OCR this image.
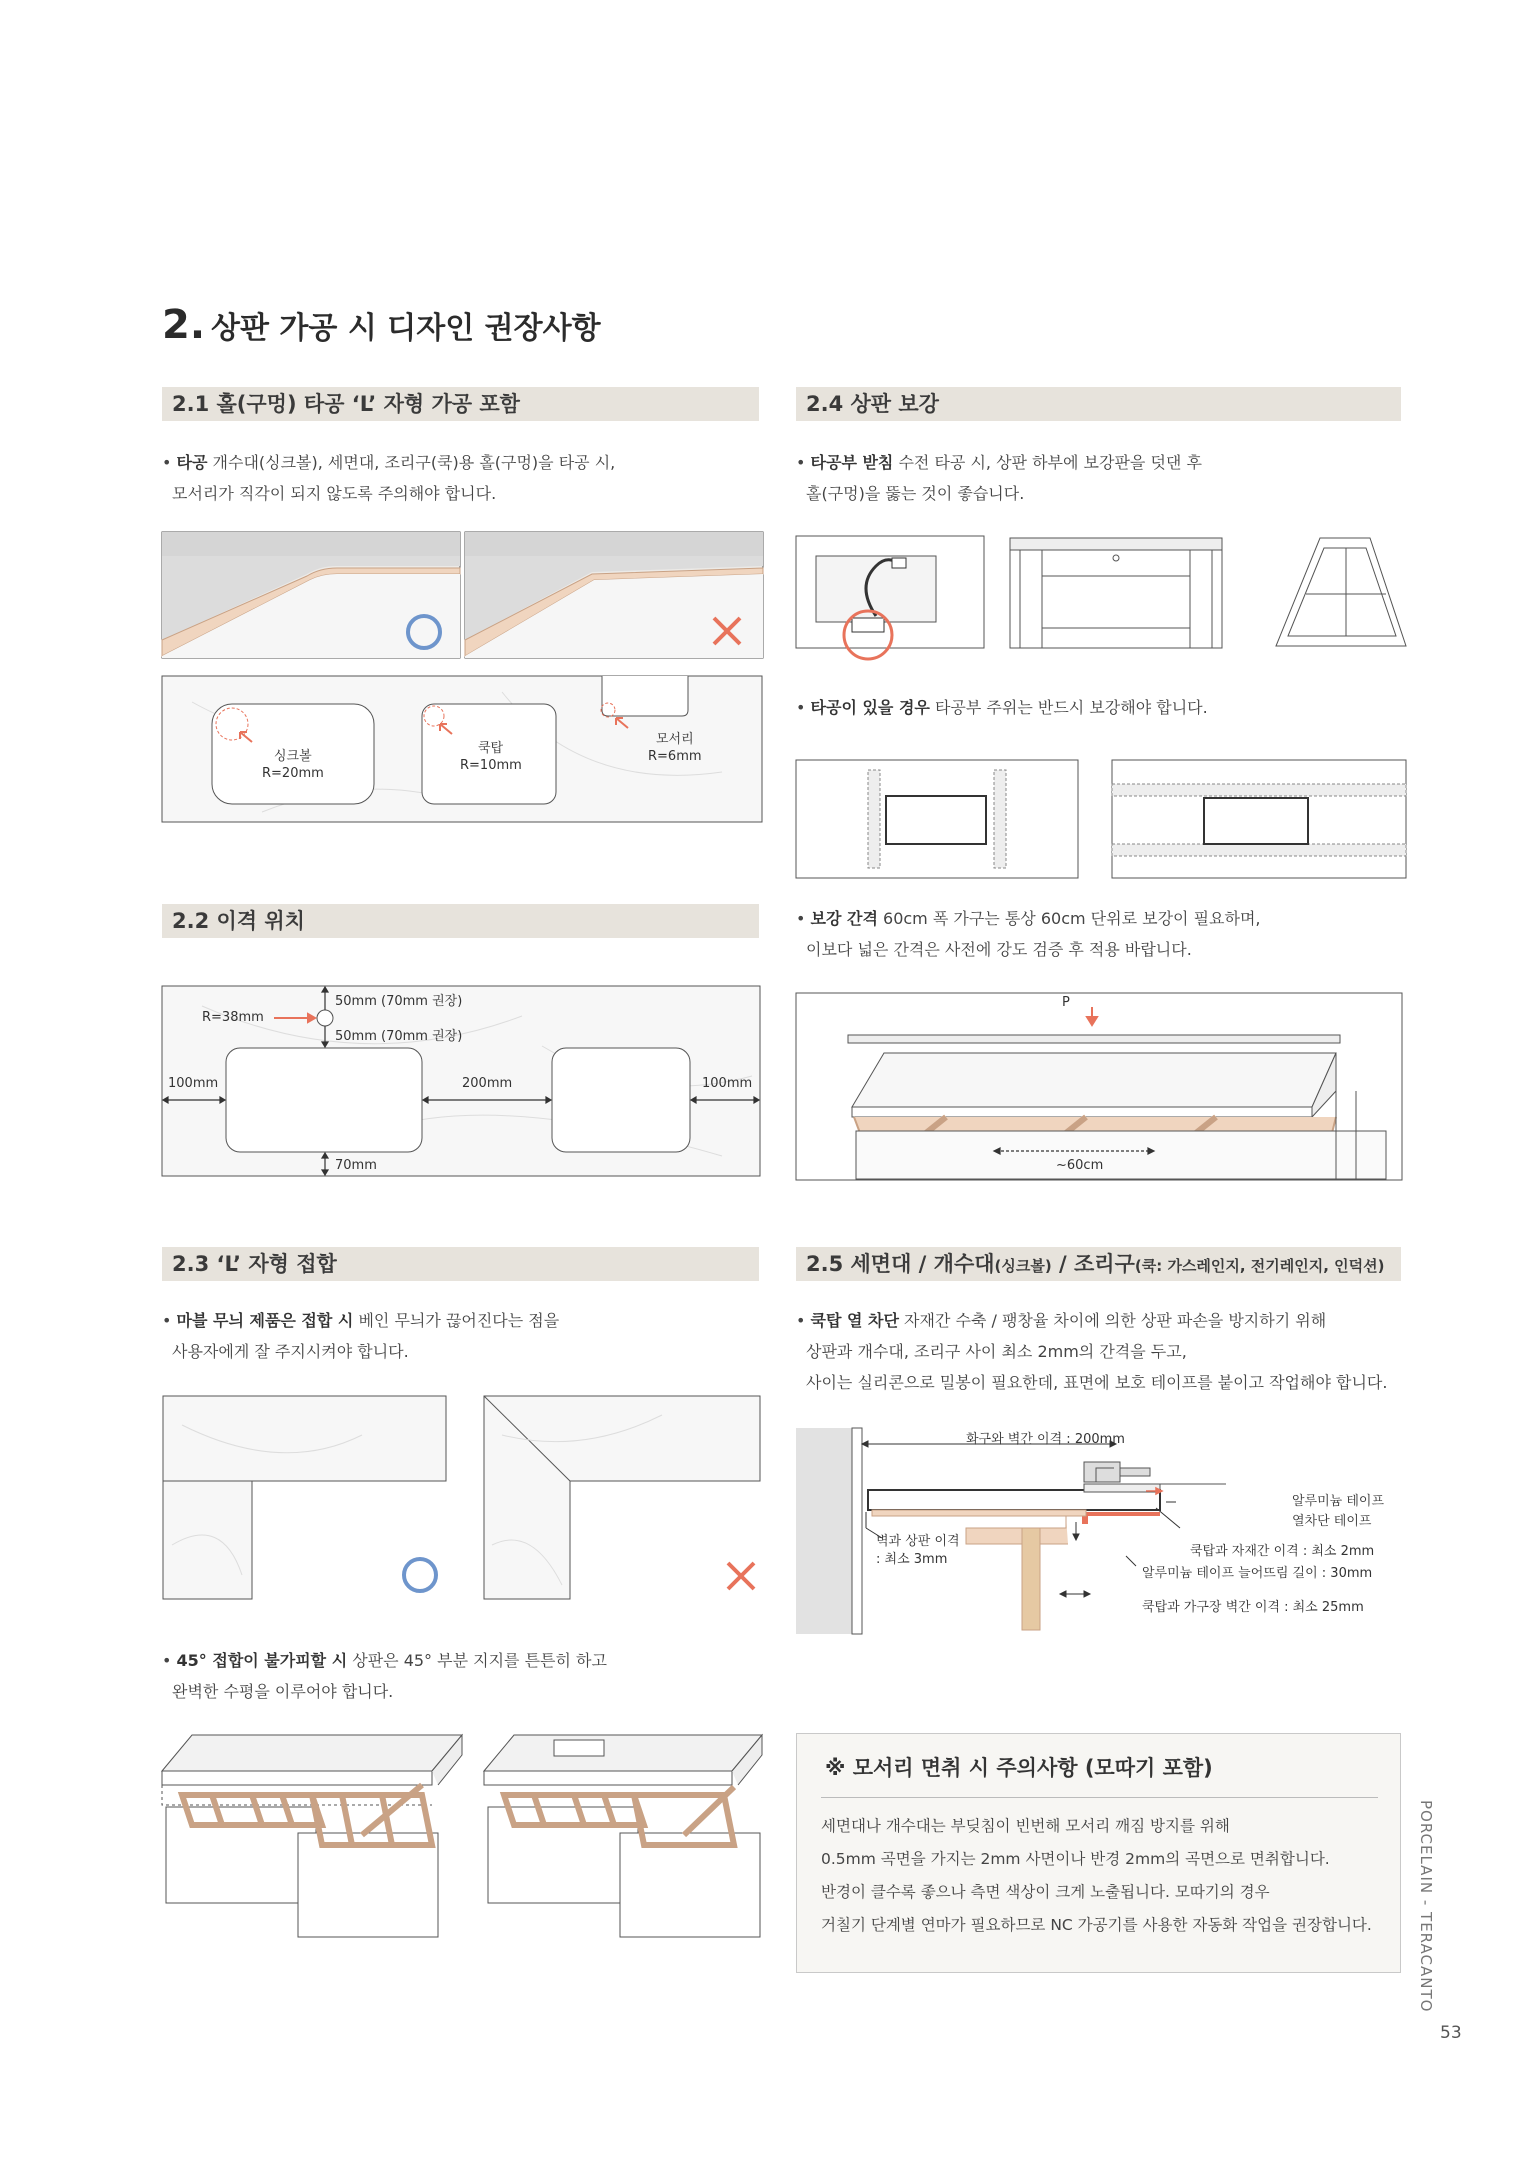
2. 상판 가공 시 디자인 권장사항
2.1 홀(구멍) 타공 ‘L’ 자형 가공 포함
• 타공 개수대(싱크볼), 세면대, 조리구(쿡)용 홀(구멍)을 타공 시,
모서리가 직각이 되지 않도록 주의해야 합니다.
싱크볼
R=20mm
쿡탑
R=10mm
모서리
R=6mm
2.2 이격 위치
R=38mm
50mm (70mm 권장)
50mm (70mm 권장)
100mm	200mm	100mm
70mm
2.3 ‘L’ 자형 접합
• 마블 무늬 제품은 접합 시 베인 무늬가 끊어진다는 점을
사용자에게 잘 주지시켜야 합니다.
• 45° 접합이 불가피할 시 상판은 45° 부분 지지를 튼튼히 하고
완벽한 수평을 이루어야 합니다.
2.4 상판 보강
• 타공부 받침 수전 타공 시, 상판 하부에 보강판을 덧댄 후
홀(구멍)을 뚫는 것이 좋습니다.
• 타공이 있을 경우 타공부 주위는 반드시 보강해야 합니다.
• 보강 간격 60cm 폭 가구는 통상 60cm 단위로 보강이 필요하며,
이보다 넓은 간격은 사전에 강도 검증 후 적용 바랍니다.
P
~60cm
2.5 세면대 / 개수대(싱크볼) / 조리구(쿡: 가스레인지, 전기레인지, 인덕션)
• 쿡탑 열 차단 자재간 수축 / 팽창율 차이에 의한 상판 파손을 방지하기 위해
상판과 개수대, 조리구 사이 최소 2mm의 간격을 두고,
사이는 실리콘으로 밀봉이 필요한데, 표면에 보호 테이프를 붙이고 작업해야 합니다.
화구와 벽간 이격 : 200mm
알루미늄 테이프
열차단 테이프
벽과 상판 이격
: 최소 3mm
쿡탑과 자재간 이격 : 최소 2mm
알루미늄 테이프 늘어뜨림 길이 : 30mm
쿡탑과 가구장 벽간 이격 : 최소 25mm
※ 모서리 면취 시 주의사항 (모따기 포함)
세면대나 개수대는 부딪침이 빈번해 모서리 깨짐 방지를 위해
0.5mm 곡면을 가지는 2mm 사면이나 반경 2mm의 곡면으로 면취합니다.
반경이 클수록 좋으나 측면 색상이 크게 노출됩니다. 모따기의 경우
거칠기 단계별 연마가 필요하므로 NC 가공기를 사용한 자동화 작업을 권장합니다.	PORCELAIN - TERACANTO
53
